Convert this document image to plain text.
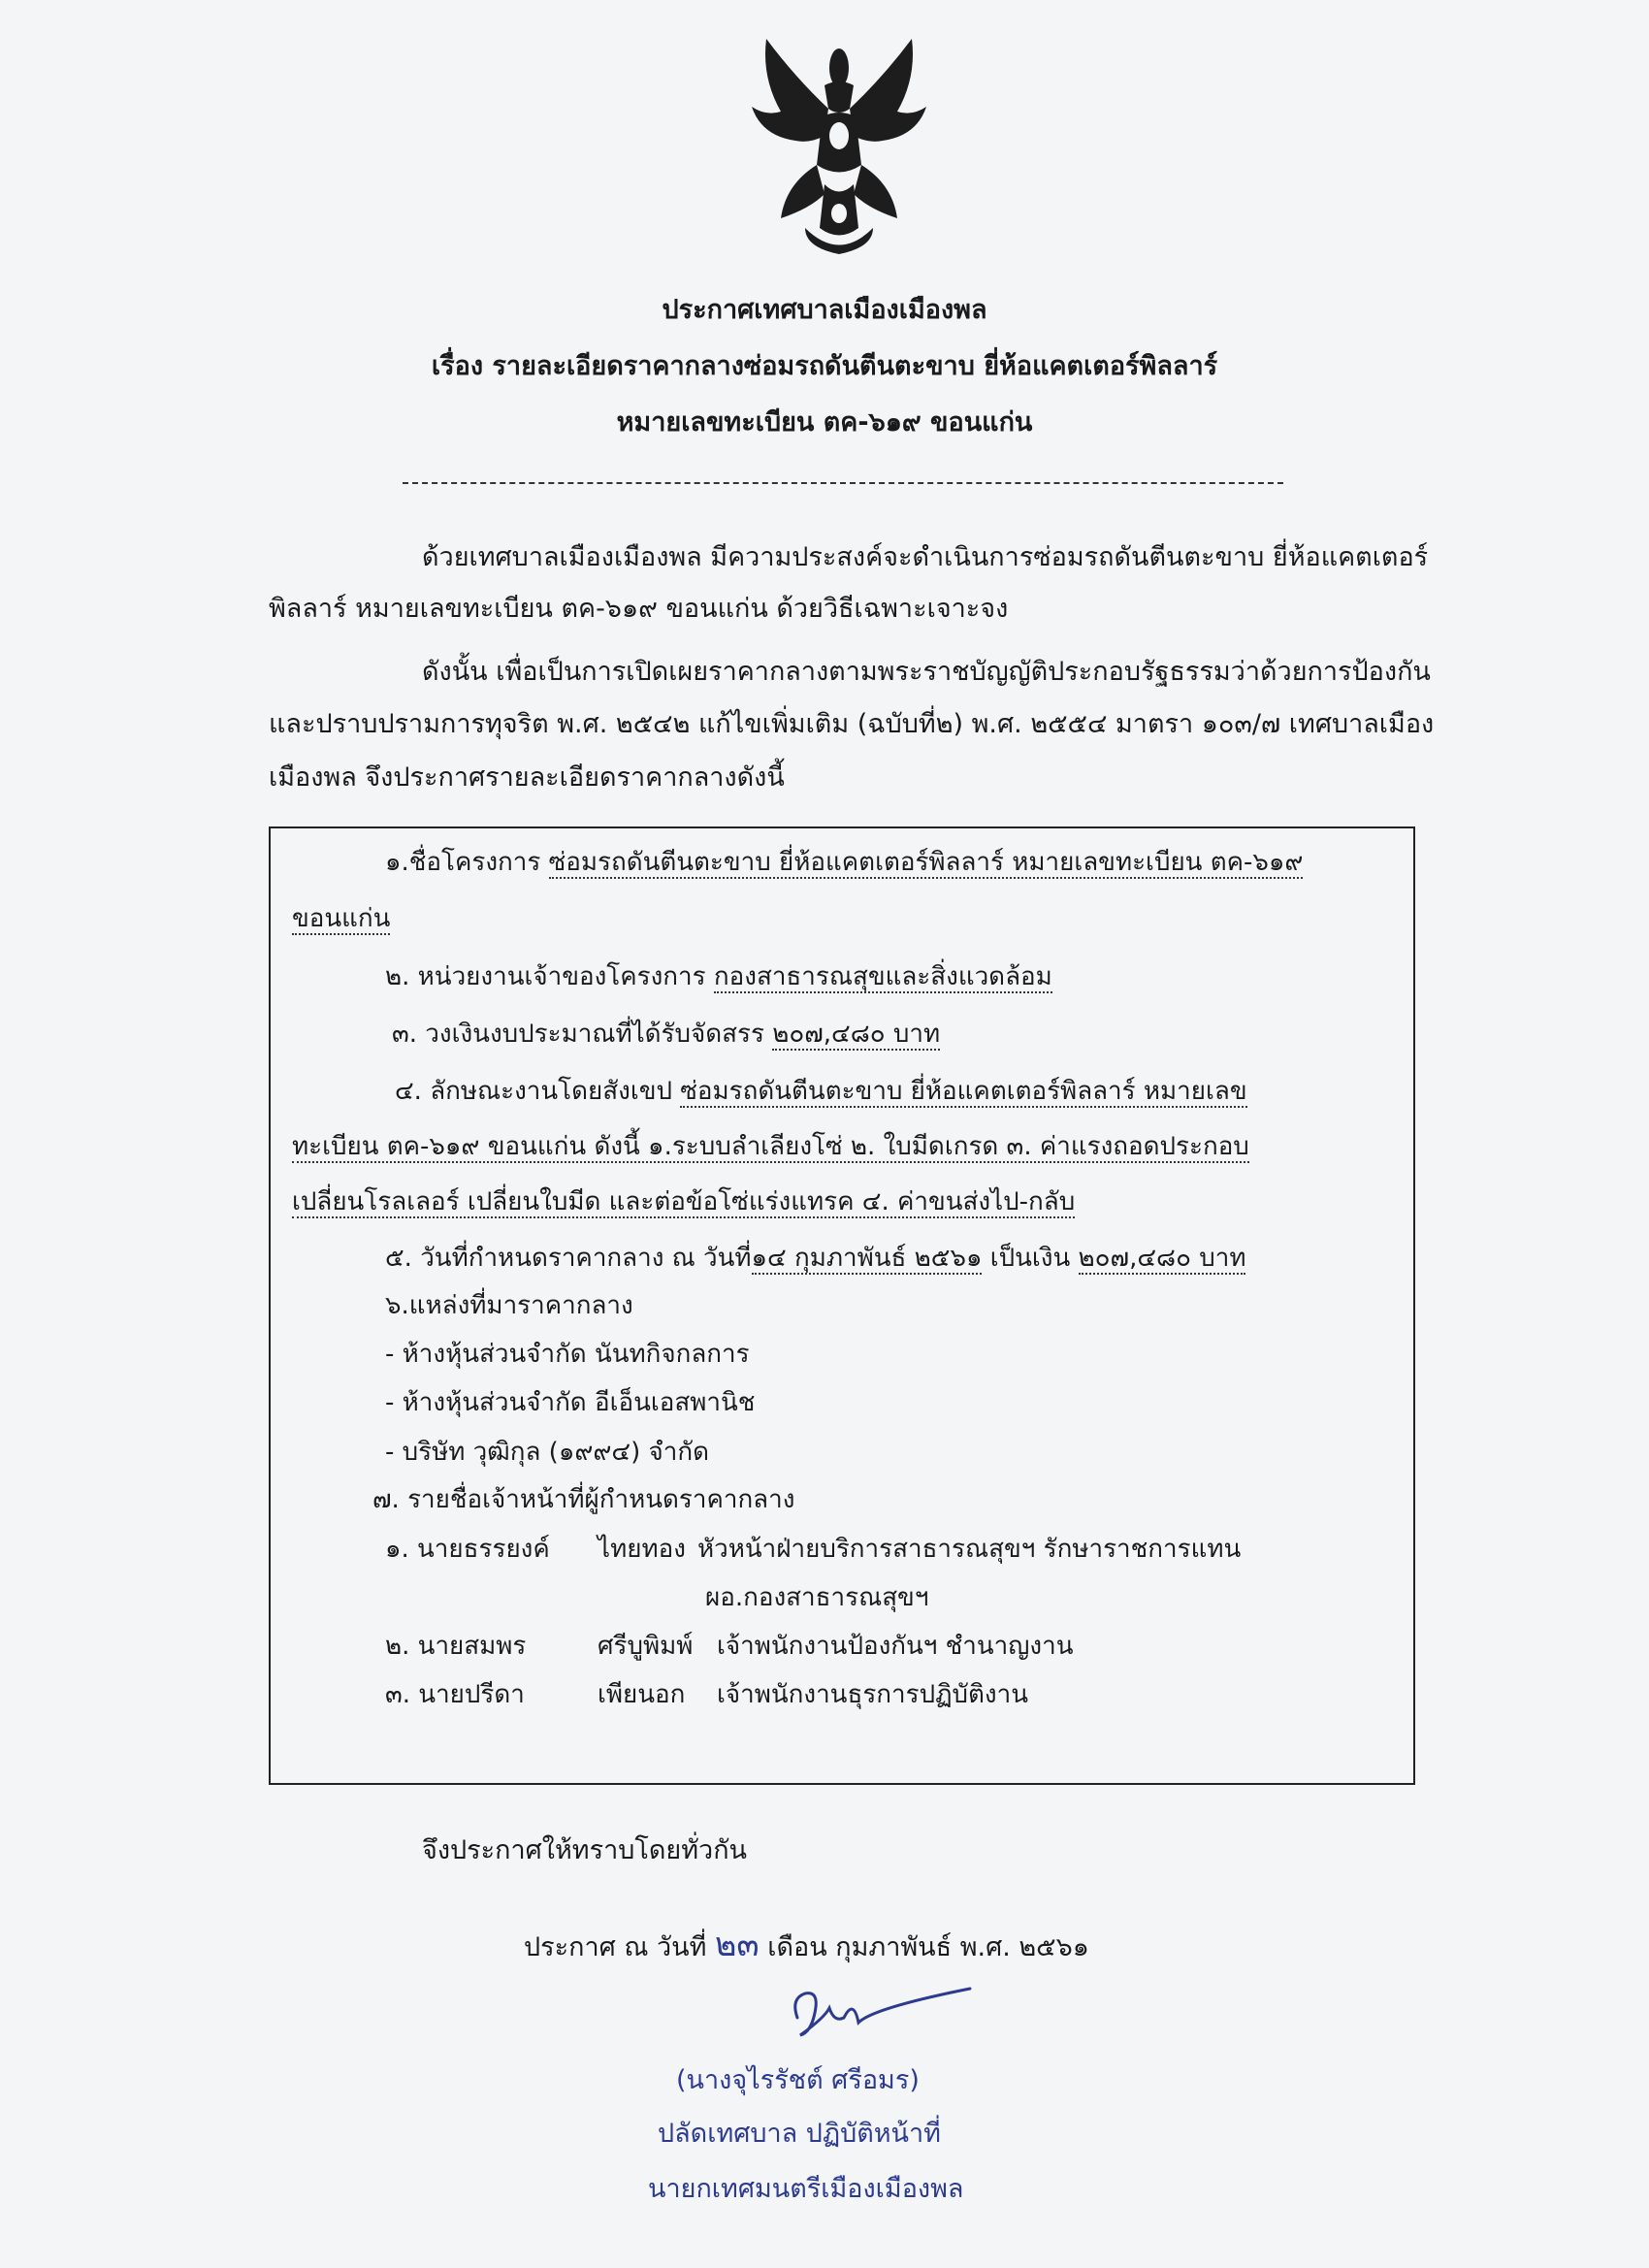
ประกาศเทศบาลเมืองเมืองพล
เรื่อง รายละเอียดราคากลางซ่อมรถดันตีนตะขาบ ยี่ห้อแคตเตอร์พิลลาร์
หมายเลขทะเบียน ตค-๖๑๙ ขอนแก่น
ด้วยเทศบาลเมืองเมืองพล มีความประสงค์จะดำเนินการซ่อมรถดันตีนตะขาบ ยี่ห้อแคตเตอร์
พิลลาร์ หมายเลขทะเบียน ตค-๖๑๙ ขอนแก่น ด้วยวิธีเฉพาะเจาะจง
ดังนั้น เพื่อเป็นการเปิดเผยราคากลางตามพระราชบัญญัติประกอบรัฐธรรมว่าด้วยการป้องกัน
และปราบปรามการทุจริต พ.ศ. ๒๕๔๒ แก้ไขเพิ่มเติม (ฉบับที่๒) พ.ศ. ๒๕๕๔ มาตรา ๑๐๓/๗ เทศบาลเมือง
เมืองพล จึงประกาศรายละเอียดราคากลางดังนี้
๑.ชื่อโครงการ ซ่อมรถดันตีนตะขาบ ยี่ห้อแคตเตอร์พิลลาร์ หมายเลขทะเบียน ตค-๖๑๙
ขอนแก่น
๒. หน่วยงานเจ้าของโครงการ กองสาธารณสุขและสิ่งแวดล้อม
๓. วงเงินงบประมาณที่ได้รับจัดสรร ๒๐๗,๔๘๐ บาท
๔. ลักษณะงานโดยสังเขป ซ่อมรถดันตีนตะขาบ ยี่ห้อแคตเตอร์พิลลาร์ หมายเลข
ทะเบียน ตค-๖๑๙ ขอนแก่น ดังนี้ ๑.ระบบลำเลียงโซ่ ๒. ใบมีดเกรด ๓. ค่าแรงถอดประกอบ
เปลี่ยนโรลเลอร์ เปลี่ยนใบมีด และต่อข้อโซ่แร่งแทรค ๔. ค่าขนส่งไป-กลับ
๕. วันที่กำหนดราคากลาง ณ วันที่๑๔ กุมภาพันธ์ ๒๕๖๑ เป็นเงิน ๒๐๗,๔๘๐ บาท
๖.แหล่งที่มาราคากลาง
- ห้างหุ้นส่วนจำกัด นันทกิจกลการ
- ห้างหุ้นส่วนจำกัด อีเอ็นเอสพานิช
- บริษัท วุฒิกุล (๑๙๙๔) จำกัด
๗. รายชื่อเจ้าหน้าที่ผู้กำหนดราคากลาง
๑. นายธรรยงค์ ไทยทอง หัวหน้าฝ่ายบริการสาธารณสุขฯ รักษาราชการแทน
ผอ.กองสาธารณสุขฯ
๒. นายสมพร	ศรีบูพิมพ์ เจ้าพนักงานป้องกันฯ ชำนาญงาน
๓. นายปรีดา	เพียนอก เจ้าพนักงานธุรการปฏิบัติงาน
จึงประกาศให้ทราบโดยทั่วกัน
ประกาศ ณ วันที่ ๒๓ เดือน กุมภาพันธ์ พ.ศ. ๒๕๖๑
(นางจุไรรัชต์ ศรีอมร)
ปลัดเทศบาล ปฏิบัติหน้าที่
นายกเทศมนตรีเมืองเมืองพล
